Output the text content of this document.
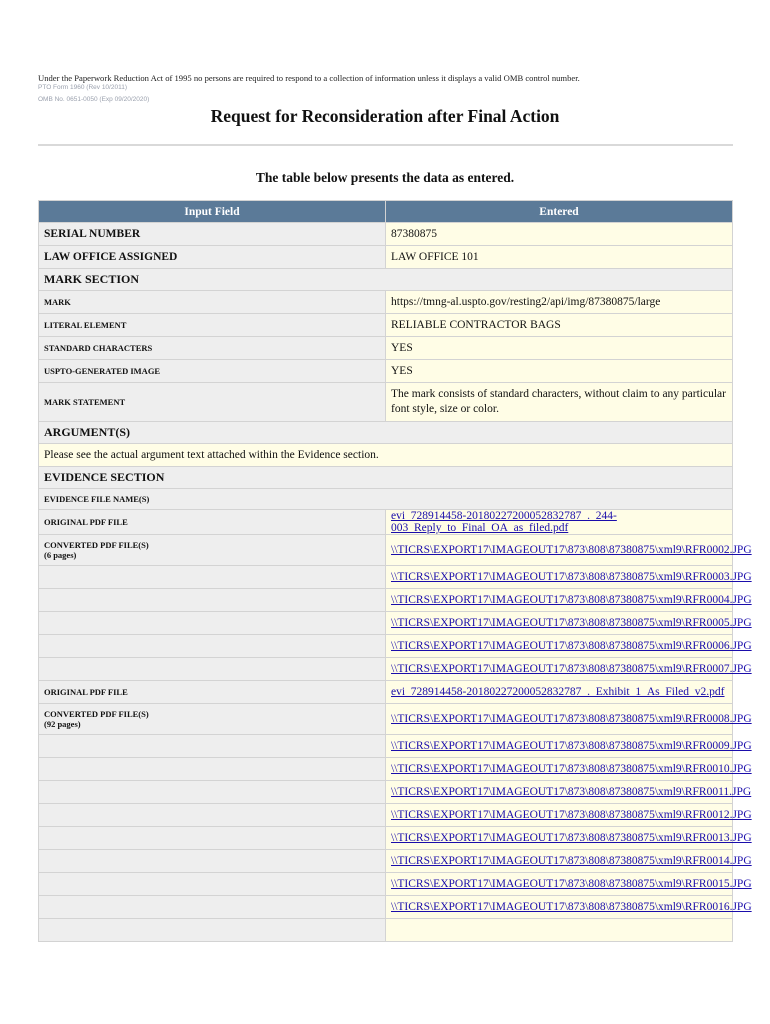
Under the Paperwork Reduction Act of 1995 no persons are required to respond to a collection of information unless it displays a valid OMB control number.
PTO Form 1960 (Rev 10/2011)
OMB No. 0651-0050 (Exp 09/20/2020)
Request for Reconsideration after Final Action
The table below presents the data as entered.
Input Field	Entered
SERIAL NUMBER	87380875
LAW OFFICE ASSIGNED	LAW OFFICE 101
MARK SECTION	
MARK	https://tmng-al.uspto.gov/resting2/api/img/87380875/large
LITERAL ELEMENT	RELIABLE CONTRACTOR BAGS
STANDARD CHARACTERS	YES
USPTO-GENERATED IMAGE	YES
MARK STATEMENT	The mark consists of standard characters, without claim to any particular font style, size or color.
ARGUMENT(S)	
Please see the actual argument text attached within the Evidence section.	
EVIDENCE SECTION	
EVIDENCE FILE NAME(S)	
ORIGINAL PDF FILE	evi_728914458-20180227200052832787_._244-003_Reply_to_Final_OA_as_filed.pdf
CONVERTED PDF FILE(S)
(6 pages)	\\TICRS\EXPORT17\IMAGEOUT17\873\808\87380875\xml9\RFR0002.JPG
	\\TICRS\EXPORT17\IMAGEOUT17\873\808\87380875\xml9\RFR0003.JPG
	\\TICRS\EXPORT17\IMAGEOUT17\873\808\87380875\xml9\RFR0004.JPG
	\\TICRS\EXPORT17\IMAGEOUT17\873\808\87380875\xml9\RFR0005.JPG
	\\TICRS\EXPORT17\IMAGEOUT17\873\808\87380875\xml9\RFR0006.JPG
	\\TICRS\EXPORT17\IMAGEOUT17\873\808\87380875\xml9\RFR0007.JPG
ORIGINAL PDF FILE	evi_728914458-20180227200052832787_._Exhibit_1_As_Filed_v2.pdf
CONVERTED PDF FILE(S)
(92 pages)	\\TICRS\EXPORT17\IMAGEOUT17\873\808\87380875\xml9\RFR0008.JPG
	\\TICRS\EXPORT17\IMAGEOUT17\873\808\87380875\xml9\RFR0009.JPG
	\\TICRS\EXPORT17\IMAGEOUT17\873\808\87380875\xml9\RFR0010.JPG
	\\TICRS\EXPORT17\IMAGEOUT17\873\808\87380875\xml9\RFR0011.JPG
	\\TICRS\EXPORT17\IMAGEOUT17\873\808\87380875\xml9\RFR0012.JPG
	\\TICRS\EXPORT17\IMAGEOUT17\873\808\87380875\xml9\RFR0013.JPG
	\\TICRS\EXPORT17\IMAGEOUT17\873\808\87380875\xml9\RFR0014.JPG
	\\TICRS\EXPORT17\IMAGEOUT17\873\808\87380875\xml9\RFR0015.JPG
	\\TICRS\EXPORT17\IMAGEOUT17\873\808\87380875\xml9\RFR0016.JPG
